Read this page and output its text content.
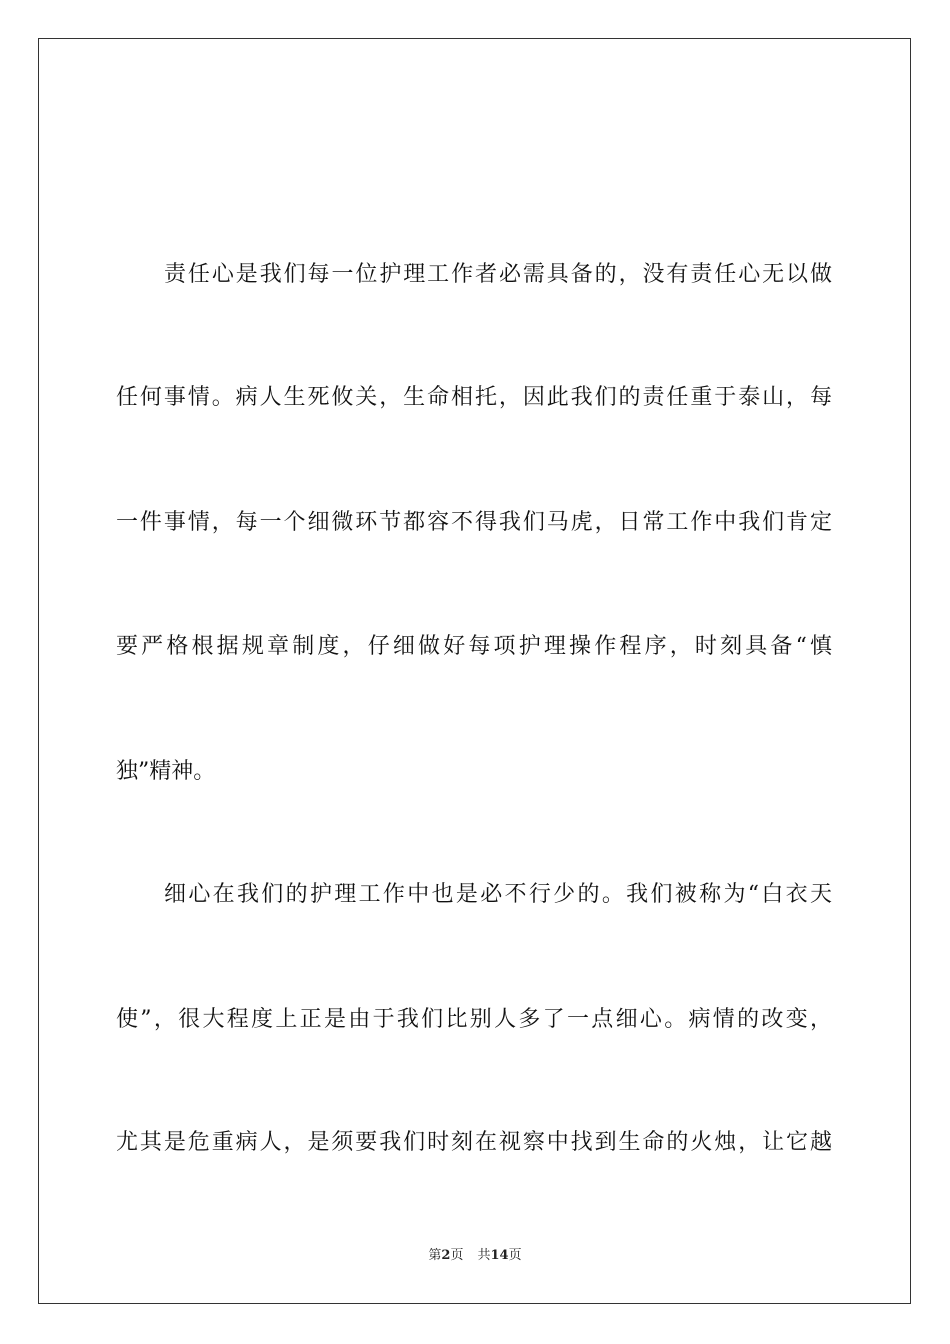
责任心是我们每一位护理工作者必需具备的，没有责任心无以做
任何事情。病人生死攸关，生命相托，因此我们的责任重于泰山，每
一件事情，每一个细微环节都容不得我们马虎，日常工作中我们肯定
要严格根据规章制度，仔细做好每项护理操作程序，时刻具备“慎
独”精神。
细心在我们的护理工作中也是必不行少的。我们被称为“白衣天
使”，很大程度上正是由于我们比别人多了一点细心。病情的改变，
尤其是危重病人，是须要我们时刻在视察中找到生命的火烛，让它越
第2页 共14页
